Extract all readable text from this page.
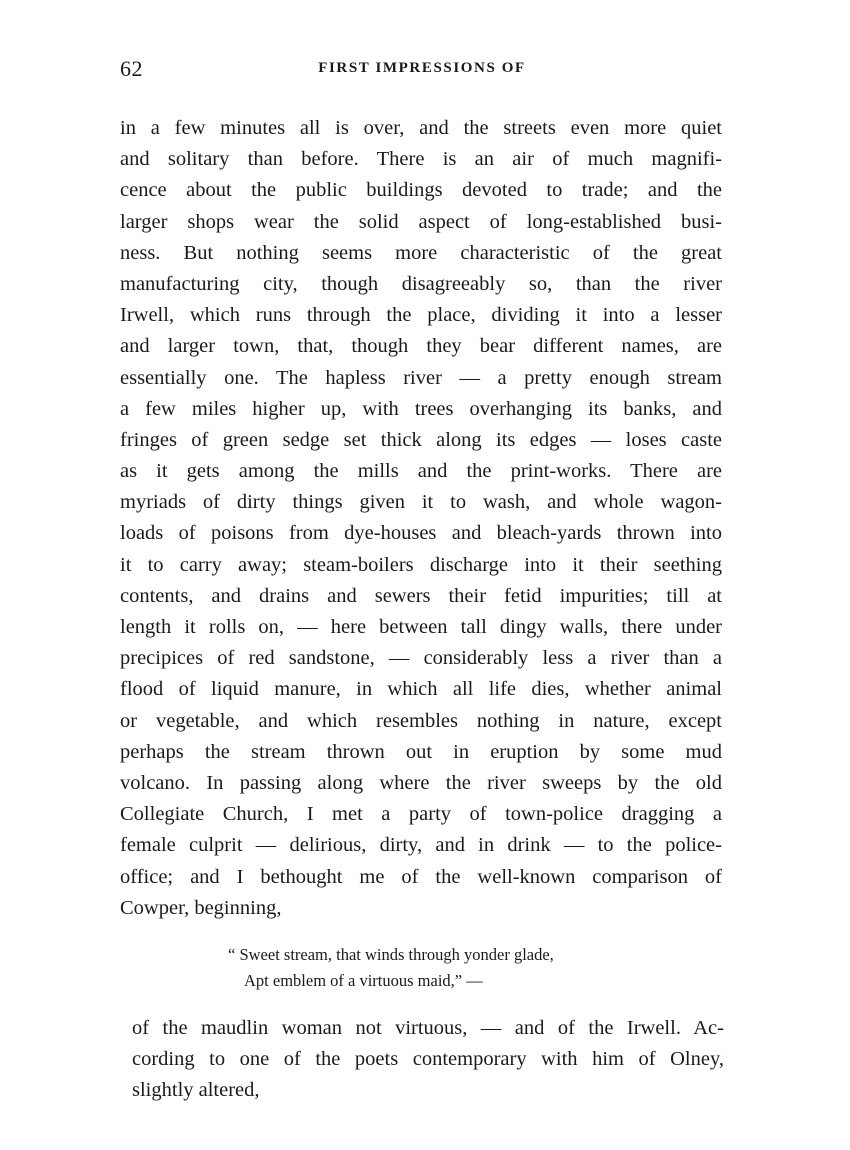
62	FIRST IMPRESSIONS OF
in a few minutes all is over, and the streets even more quiet
and solitary than before. There is an air of much magnifi-
cence about the public buildings devoted to trade; and the
larger shops wear the solid aspect of long-established busi-
ness. But nothing seems more characteristic of the great
manufacturing city, though disagreeably so, than the river
Irwell, which runs through the place, dividing it into a lesser
and larger town, that, though they bear different names, are
essentially one. The hapless river — a pretty enough stream
a few miles higher up, with trees overhanging its banks, and
fringes of green sedge set thick along its edges — loses caste
as it gets among the mills and the print-works. There are
myriads of dirty things given it to wash, and whole wagon-
loads of poisons from dye-houses and bleach-yards thrown into
it to carry away; steam-boilers discharge into it their seething
contents, and drains and sewers their fetid impurities; till at
length it rolls on, — here between tall dingy walls, there under
precipices of red sandstone, — considerably less a river than a
flood of liquid manure, in which all life dies, whether animal
or vegetable, and which resembles nothing in nature, except
perhaps the stream thrown out in eruption by some mud
volcano. In passing along where the river sweeps by the old
Collegiate Church, I met a party of town-police dragging a
female culprit — delirious, dirty, and in drink — to the police-
office; and I bethought me of the well-known comparison of
Cowper, beginning,
“ Sweet stream, that winds through yonder glade,
Apt emblem of a virtuous maid,” —
of the maudlin woman not virtuous, — and of the Irwell. Ac-
cording to one of the poets contemporary with him of Olney,
slightly altered,
